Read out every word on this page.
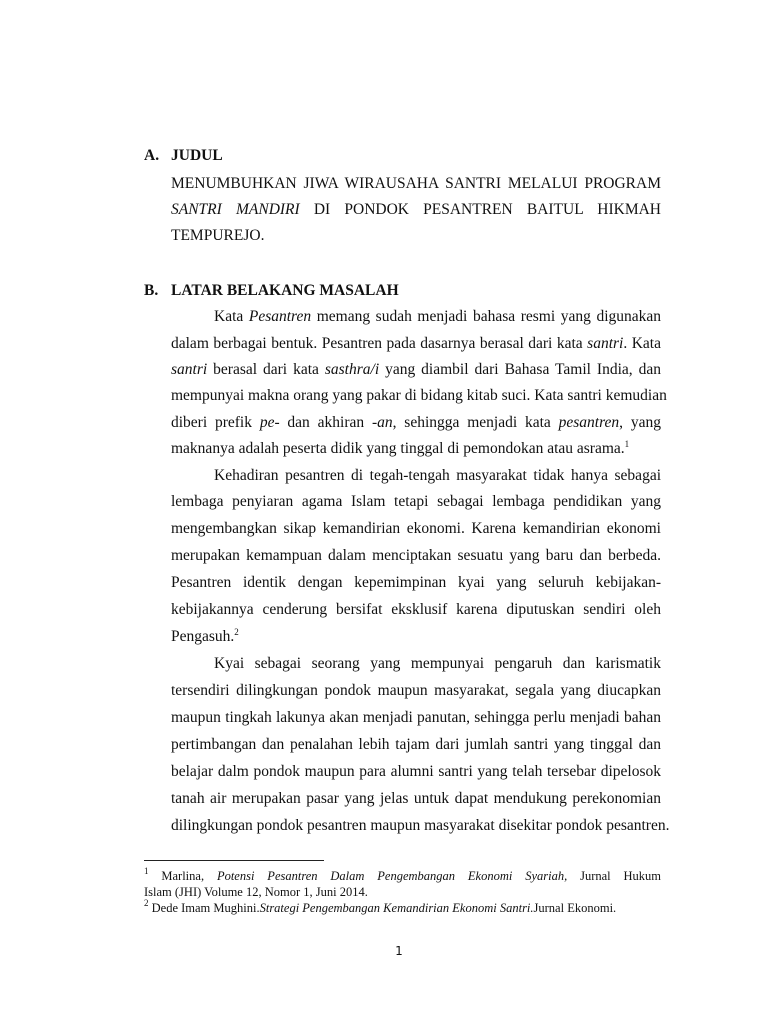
A. JUDUL
MENUMBUHKAN JIWA WIRAUSAHA SANTRI MELALUI PROGRAM
SANTRI MANDIRI DI PONDOK PESANTREN BAITUL HIKMAH
TEMPUREJO.
B. LATAR BELAKANG MASALAH
Kata Pesantren memang sudah menjadi bahasa resmi yang digunakan
dalam berbagai bentuk. Pesantren pada dasarnya berasal dari kata santri. Kata
santri berasal dari kata sasthra/i yang diambil dari Bahasa Tamil India, dan
mempunyai makna orang yang pakar di bidang kitab suci. Kata santri kemudian
diberi prefik pe- dan akhiran -an, sehingga menjadi kata pesantren, yang
maknanya adalah peserta didik yang tinggal di pemondokan atau asrama.$^1$
Kehadiran pesantren di tegah-tengah masyarakat tidak hanya sebagai
lembaga penyiaran agama Islam tetapi sebagai lembaga pendidikan yang
mengembangkan sikap kemandirian ekonomi. Karena kemandirian ekonomi
merupakan kemampuan dalam menciptakan sesuatu yang baru dan berbeda.
Pesantren identik dengan kepemimpinan kyai yang seluruh kebijakan-
kebijakannya cenderung bersifat eksklusif karena diputuskan sendiri oleh
Pengasuh.$^2$
Kyai sebagai seorang yang mempunyai pengaruh dan karismatik
tersendiri dilingkungan pondok maupun masyarakat, segala yang diucapkan
maupun tingkah lakunya akan menjadi panutan, sehingga perlu menjadi bahan
pertimbangan dan penalahan lebih tajam dari jumlah santri yang tinggal dan
belajar dalm pondok maupun para alumni santri yang telah tersebar dipelosok
tanah air merupakan pasar yang jelas untuk dapat mendukung perekonomian
dilingkungan pondok pesantren maupun masyarakat disekitar pondok pesantren.
$^1$ Marlina, Potensi Pesantren Dalam Pengembangan Ekonomi Syariah, Jurnal Hukum
Islam (JHI) Volume 12, Nomor 1, Juni 2014.
$^2$ Dede Imam Mughini.Strategi Pengembangan Kemandirian Ekonomi Santri.Jurnal Ekonomi.
1
